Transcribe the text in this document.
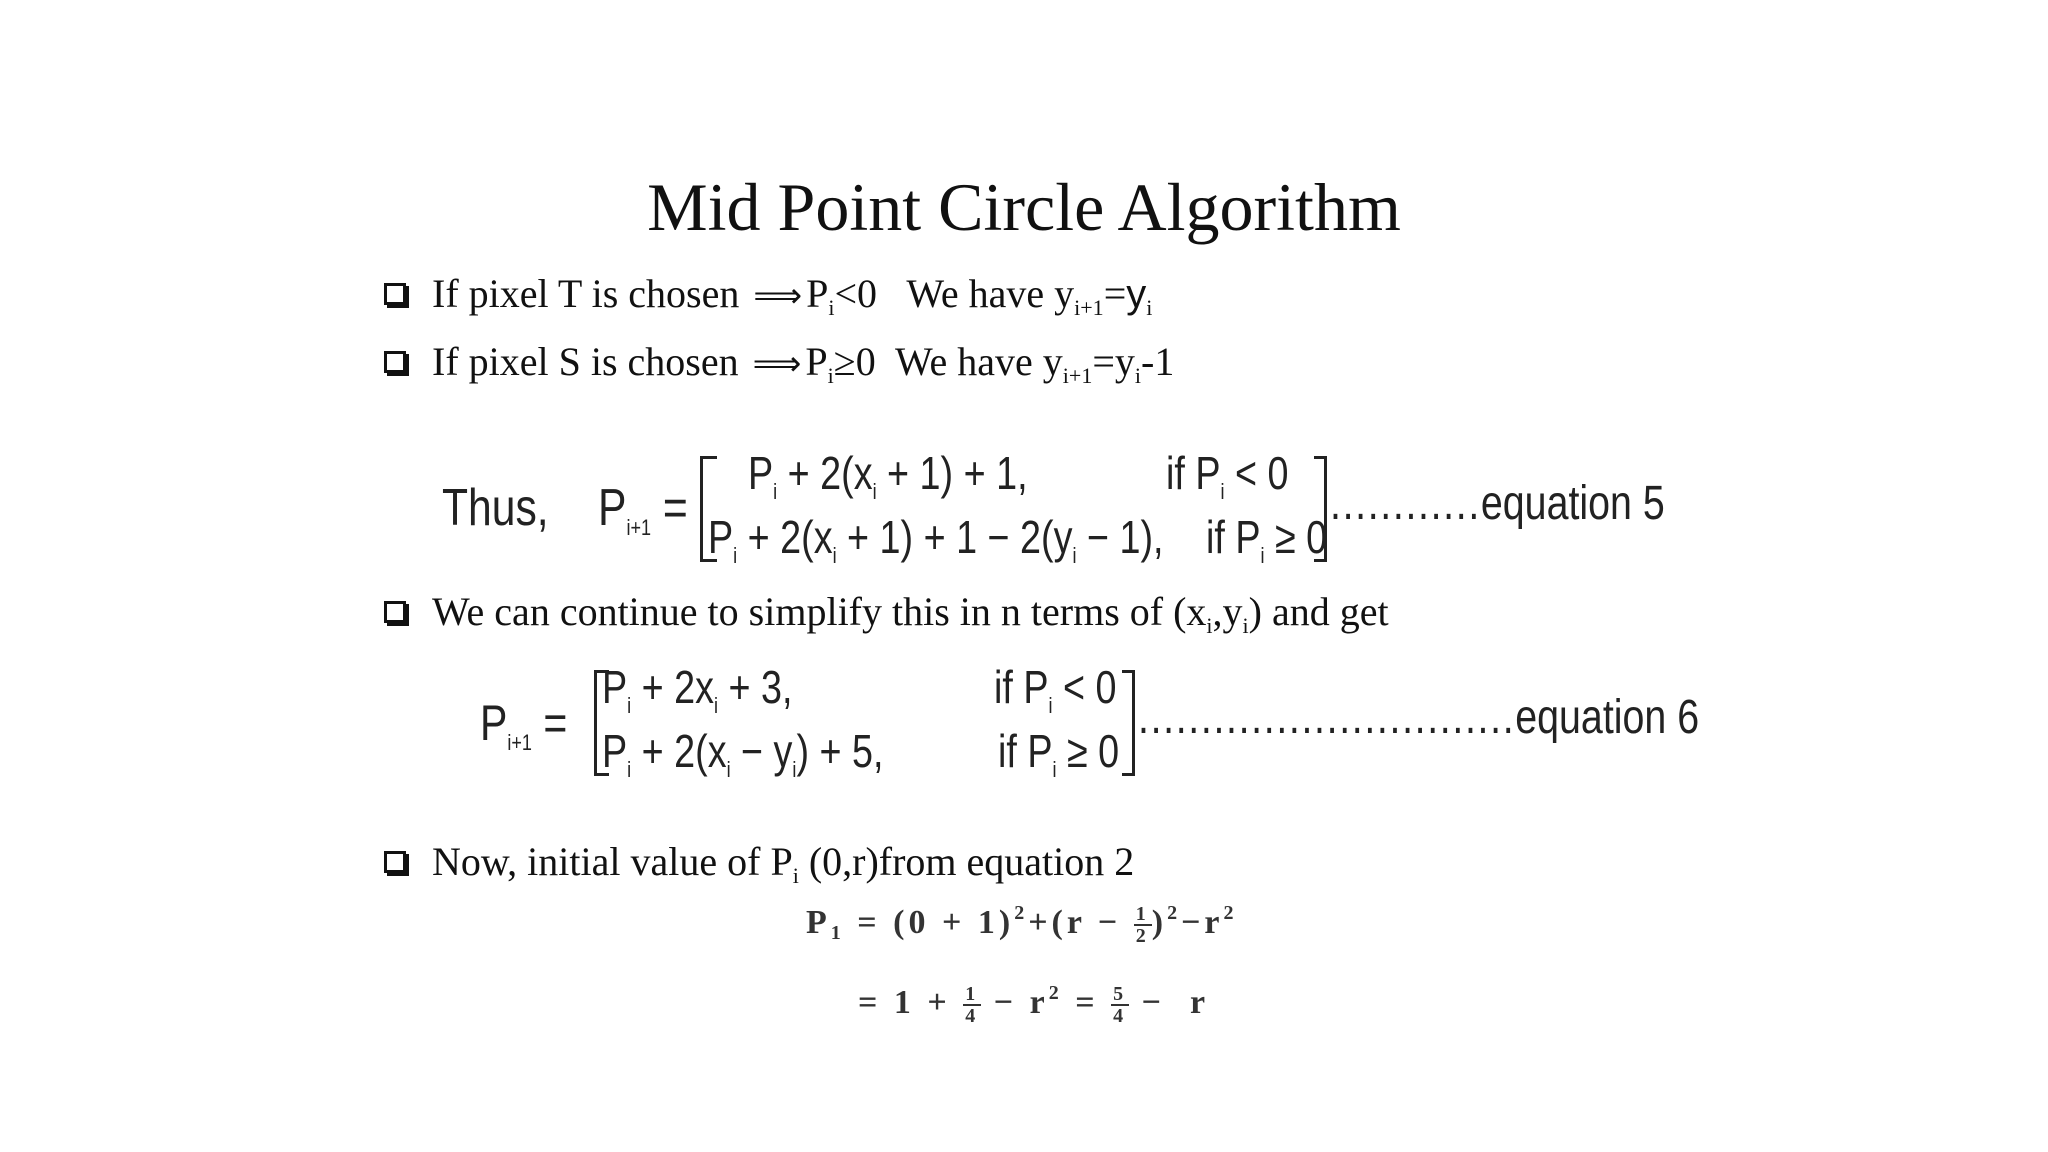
Mid Point Circle Algorithm
If pixel T is chosen ⟹ $P_i<0$   We have $y_{i+1}=y_i$
If pixel S is chosen ⟹ $P_i\ge 0$  We have $y_{i+1}=y_i-1$
Thus, Pi+1 =
$P_i + 2(x_i + 1) + 1$,	if $P_i < 0$
$P_i + 2(x_i + 1) + 1 - 2(y_i - 1)$, if $P_i \ge 0$
............equation 5
We can continue to simplify this in n terms of $(x_i,y_i)$ and get
$P_{i+1}$ =
$P_i + 2x_i + 3$,	if $P_i < 0$
$P_i + 2(x_i - y_i) + 5$, if $P_i \ge 0$
..............................equation 6
Now, initial value of $P_i$ (0,r)from equation 2
$P1 = (0 + 1)^2+(r - \frac{1}{2} )^2-r^2$
= $1 + \frac{1}{4} - r^2 = \frac{5}{4} - r$
